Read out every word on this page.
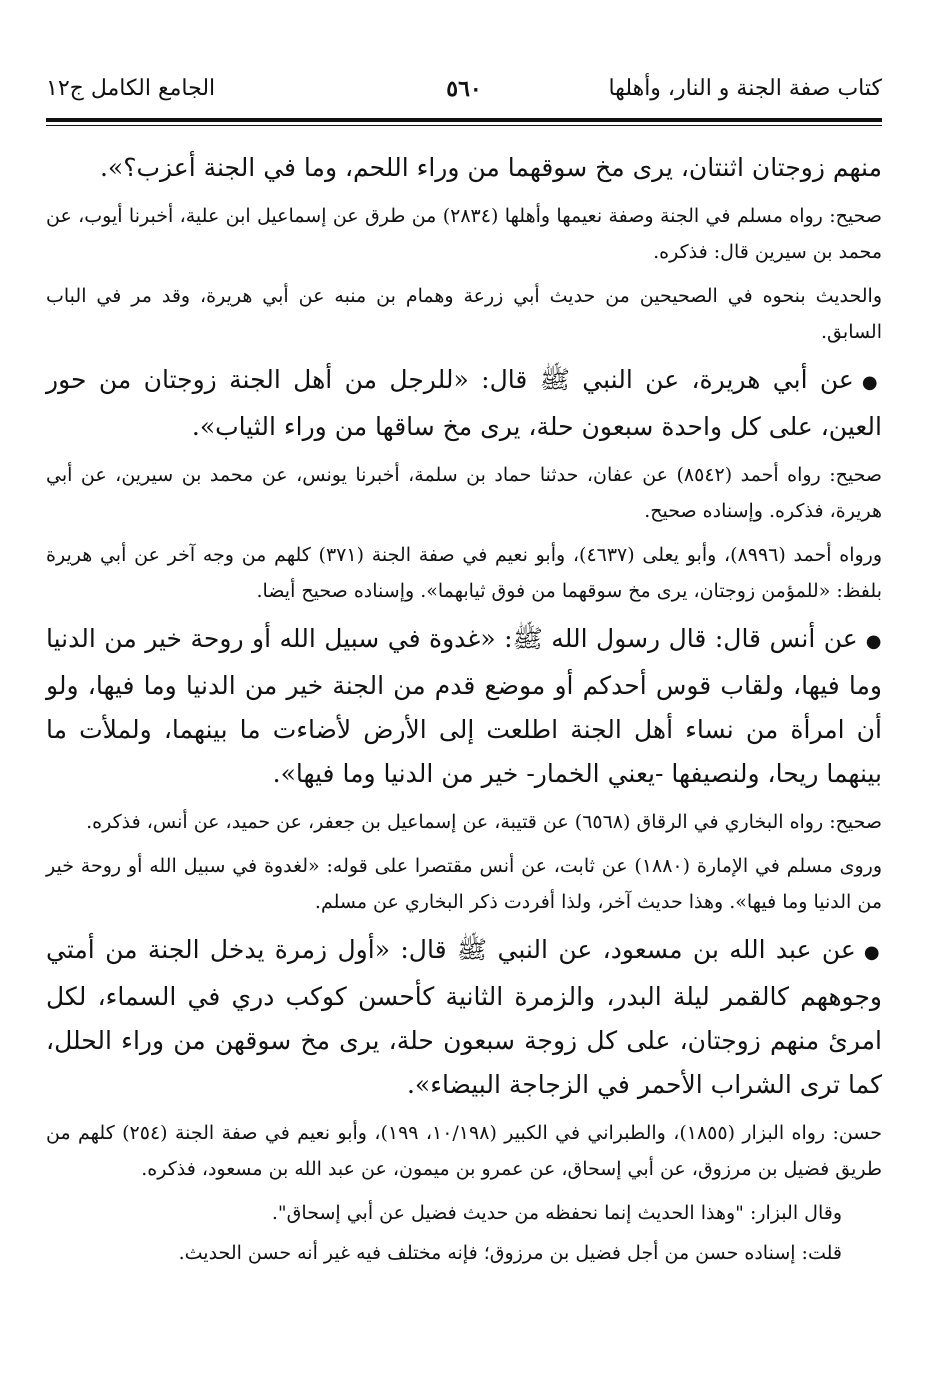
كتاب صفة الجنة و النار، وأهلها
٥٦٠
الجامع الكامل ج١٢

منهم زوجتان اثنتان، يرى مخ سوقهما من وراء اللحم، وما في الجنة أعزب؟».

صحيح: رواه مسلم في الجنة وصفة نعيمها وأهلها (٢٨٣٤) من طرق عن إسماعيل ابن علية، أخبرنا أيوب، عن محمد بن سيرين قال: فذكره.

والحديث بنحوه في الصحيحين من حديث أبي زرعة وهمام بن منبه عن أبي هريرة، وقد مر في الباب السابق.

●عن أبي هريرة، عن النبي ﷺ قال: «للرجل من أهل الجنة زوجتان من حور العين، على كل واحدة سبعون حلة، يرى مخ ساقها من وراء الثياب».

صحيح: رواه أحمد (٨٥٤٢) عن عفان، حدثنا حماد بن سلمة، أخبرنا يونس، عن محمد بن سيرين، عن أبي هريرة، فذكره. وإسناده صحيح.

ورواه أحمد (٨٩٩٦)، وأبو يعلى (٤٦٣٧)، وأبو نعيم في صفة الجنة (٣٧١) كلهم من وجه آخر عن أبي هريرة بلفظ: «للمؤمن زوجتان، يرى مخ سوقهما من فوق ثيابهما». وإسناده صحيح أيضا.

●عن أنس قال: قال رسول الله ﷺ: «غدوة في سبيل الله أو روحة خير من الدنيا وما فيها، ولقاب قوس أحدكم أو موضع قدم من الجنة خير من الدنيا وما فيها، ولو أن امرأة من نساء أهل الجنة اطلعت إلى الأرض لأضاءت ما بينهما، ولملأت ما بينهما ريحا، ولنصيفها -يعني الخمار- خير من الدنيا وما فيها».

صحيح: رواه البخاري في الرقاق (٦٥٦٨) عن قتيبة، عن إسماعيل بن جعفر، عن حميد، عن أنس، فذكره.

وروى مسلم في الإمارة (١٨٨٠) عن ثابت، عن أنس مقتصرا على قوله: «لغدوة في سبيل الله أو روحة خير من الدنيا وما فيها». وهذا حديث آخر، ولذا أفردت ذكر البخاري عن مسلم.

●عن عبد الله بن مسعود، عن النبي ﷺ قال: «أول زمرة يدخل الجنة من أمتي وجوههم كالقمر ليلة البدر، والزمرة الثانية كأحسن كوكب دري في السماء، لكل امرئ منهم زوجتان، على كل زوجة سبعون حلة، يرى مخ سوقهن من وراء الحلل، كما ترى الشراب الأحمر في الزجاجة البيضاء».

حسن: رواه البزار (١٨٥٥)، والطبراني في الكبير (١٠/١٩٨، ١٩٩)، وأبو نعيم في صفة الجنة (٢٥٤) كلهم من طريق فضيل بن مرزوق، عن أبي إسحاق، عن عمرو بن ميمون، عن عبد الله بن مسعود، فذكره.

وقال البزار: "وهذا الحديث إنما نحفظه من حديث فضيل عن أبي إسحاق".

قلت: إسناده حسن من أجل فضيل بن مرزوق؛ فإنه مختلف فيه غير أنه حسن الحديث.
